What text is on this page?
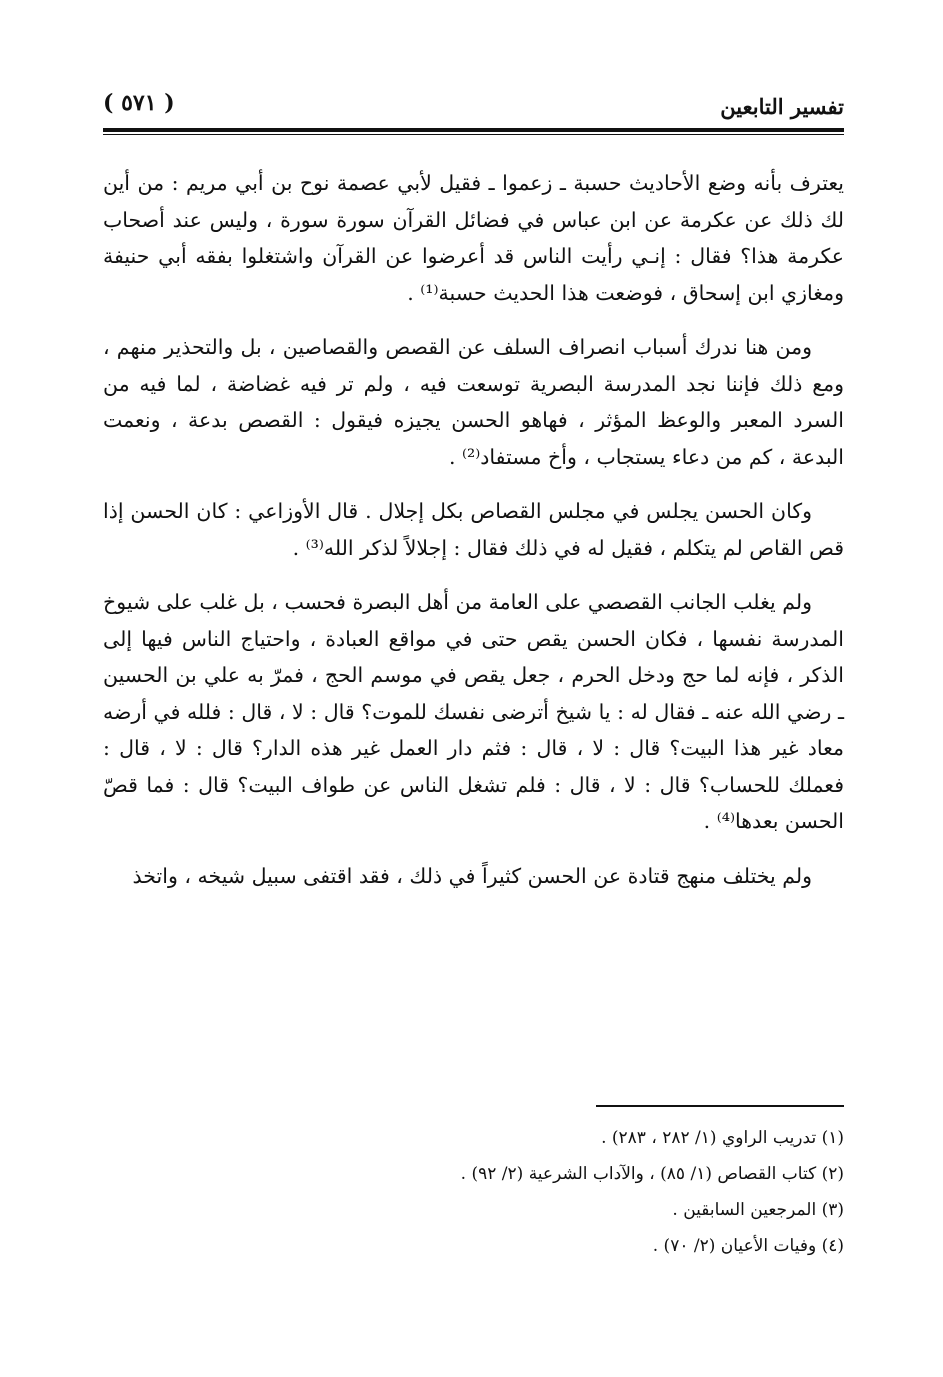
تفسير التابعين
( ٥٧١ )

يعترف بأنه وضع الأحاديث حسبة ـ زعموا ـ فقيل لأبي عصمة نوح بن أبي مريم : من أين لك ذلك عن عكرمة عن ابن عباس في فضائل القرآن سورة سورة ، وليس عند أصحاب عكرمة هذا؟ فقال : إنـي رأيت الناس قد أعرضوا عن القرآن واشتغلوا بفقه أبي حنيفة ومغازي ابن إسحاق ، فوضعت هذا الحديث حسبة⁽¹⁾ .

ومن هنا ندرك أسباب انصراف السلف عن القصص والقصاصين ، بل والتحذير منهم ، ومع ذلك فإننا نجد المدرسة البصرية توسعت فيه ، ولم تر فيه غضاضة ، لما فيه من السرد المعبر والوعظ المؤثر ، فهاهو الحسن يجيزه فيقول : القصص بدعة ، ونعمت البدعة ، كم من دعاء يستجاب ، وأخ مستفاد⁽²⁾ .

وكان الحسن يجلس في مجلس القصاص بكل إجلال . قال الأوزاعي : كان الحسن إذا قص القاص لم يتكلم ، فقيل له في ذلك فقال : إجلالاً لذكر الله⁽³⁾ .

ولم يغلب الجانب القصصي على العامة من أهل البصرة فحسب ، بل غلب على شيوخ المدرسة نفسها ، فكان الحسن يقص حتى في مواقع العبادة ، واحتياج الناس فيها إلى الذكر ، فإنه لما حج ودخل الحرم ، جعل يقص في موسم الحج ، فمرّ به علي بن الحسين ـ رضي الله عنه ـ فقال له : يا شيخ أترضى نفسك للموت؟ قال : لا ، قال : فلله في أرضه معاد غير هذا البيت؟ قال : لا ، قال : فثم دار العمل غير هذه الدار؟ قال : لا ، قال : فعملك للحساب؟ قال : لا ، قال : فلم تشغل الناس عن طواف البيت؟ قال : فما قصّ الحسن بعدها⁽⁴⁾ .

ولم يختلف منهج قتادة عن الحسن كثيراً في ذلك ، فقد اقتفى سبيل شيخه ، واتخذ

(١) تدريب الراوي (١/ ٢٨٢ ، ٢٨٣) .

(٢) كتاب القصاص (١/ ٨٥) ، والآداب الشرعية (٢/ ٩٢) .

(٣) المرجعين السابقين .

(٤) وفيات الأعيان (٢/ ٧٠) .
